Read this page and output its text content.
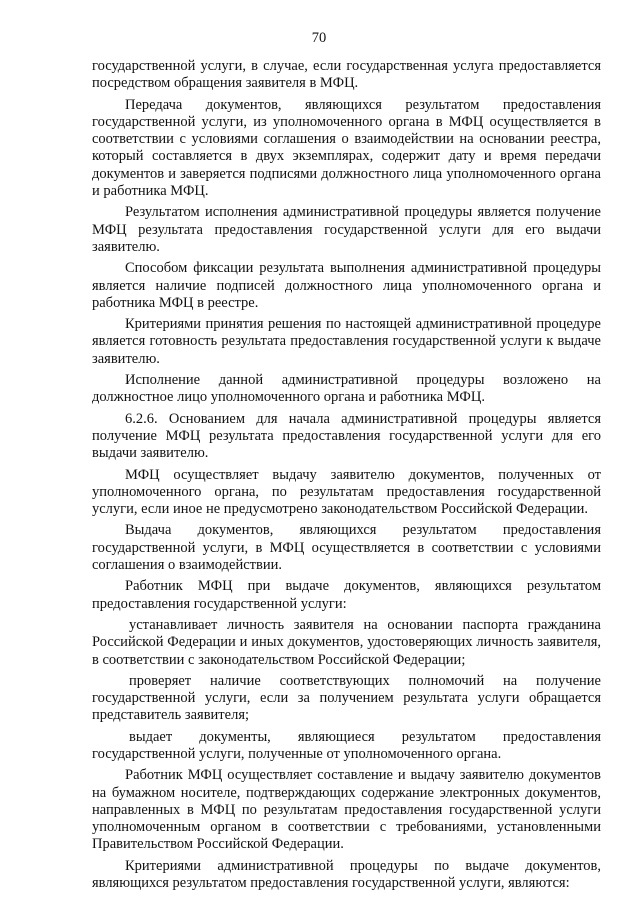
70

государственной услуги, в случае, если государственная услуга предоставляется посредством обращения заявителя в МФЦ.

Передача документов, являющихся результатом предоставления государственной услуги, из уполномоченного органа в МФЦ осуществляется в соответствии с условиями соглашения о взаимодействии на основании реестра, который составляется в двух экземплярах, содержит дату и время передачи документов и заверяется подписями должностного лица уполномоченного органа и работника МФЦ.

Результатом исполнения административной процедуры является получение МФЦ результата предоставления государственной услуги для его выдачи заявителю.

Способом фиксации результата выполнения административной процедуры является наличие подписей должностного лица уполномоченного органа и работника МФЦ в реестре.

Критериями принятия решения по настоящей административной процедуре является готовность результата предоставления государственной услуги к выдаче заявителю.

Исполнение данной административной процедуры возложено на должностное лицо уполномоченного органа и работника МФЦ.

6.2.6. Основанием для начала административной процедуры является получение МФЦ результата предоставления государственной услуги для его выдачи заявителю.

МФЦ осуществляет выдачу заявителю документов, полученных от уполномоченного органа, по результатам предоставления государственной услуги, если иное не предусмотрено законодательством Российской Федерации.

Выдача документов, являющихся результатом предоставления государственной услуги, в МФЦ осуществляется в соответствии с условиями соглашения о взаимодействии.

Работник МФЦ при выдаче документов, являющихся результатом предоставления государственной услуги:

устанавливает личность заявителя на основании паспорта гражданина Российской Федерации и иных документов, удостоверяющих личность заявителя, в соответствии с законодательством Российской Федерации;

проверяет наличие соответствующих полномочий на получение государственной услуги, если за получением результата услуги обращается представитель заявителя;

выдает документы, являющиеся результатом предоставления государственной услуги, полученные от уполномоченного органа.

Работник МФЦ осуществляет составление и выдачу заявителю документов на бумажном носителе, подтверждающих содержание электронных документов, направленных в МФЦ по результатам предоставления государственной услуги уполномоченным органом в соответствии с требованиями, установленными Правительством Российской Федерации.

Критериями административной процедуры по выдаче документов, являющихся результатом предоставления государственной услуги, являются:
